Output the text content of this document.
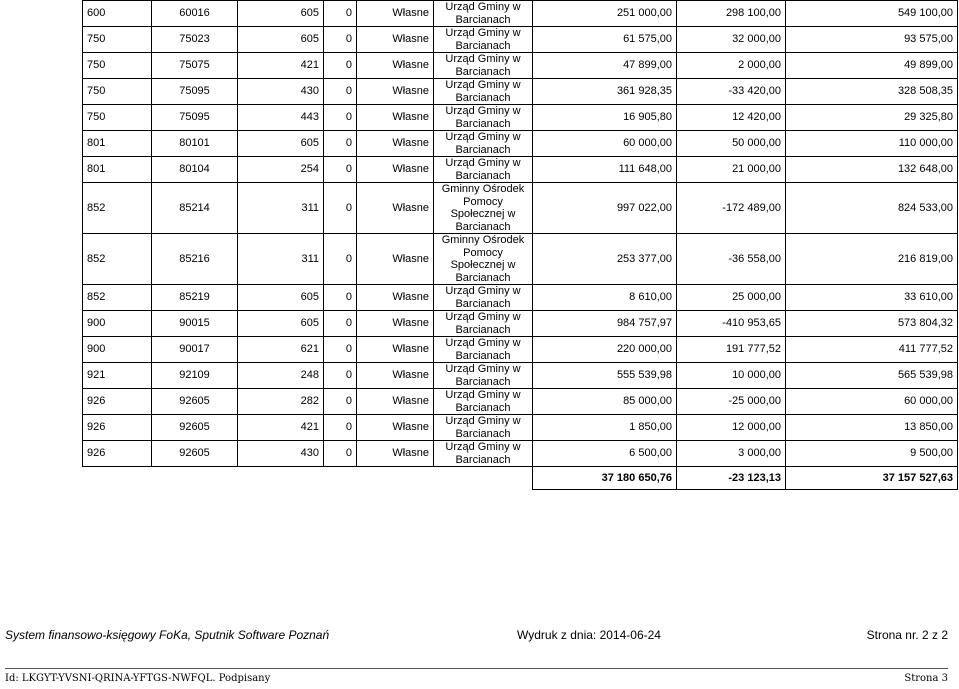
600	60016	605	0	Własne	Urząd Gminy w Barcianach	251 000,00	298 100,00	549 100,00
750	75023	605	0	Własne	Urząd Gminy w Barcianach	61 575,00	32 000,00	93 575,00
750	75075	421	0	Własne	Urząd Gminy w Barcianach	47 899,00	2 000,00	49 899,00
750	75095	430	0	Własne	Urząd Gminy w Barcianach	361 928,35	-33 420,00	328 508,35
750	75095	443	0	Własne	Urząd Gminy w Barcianach	16 905,80	12 420,00	29 325,80
801	80101	605	0	Własne	Urząd Gminy w Barcianach	60 000,00	50 000,00	110 000,00
801	80104	254	0	Własne	Urząd Gminy w Barcianach	111 648,00	21 000,00	132 648,00
852	85214	311	0	Własne	Gminny Ośrodek Pomocy Społecznej w Barcianach	997 022,00	-172 489,00	824 533,00
852	85216	311	0	Własne	Gminny Ośrodek Pomocy Społecznej w Barcianach	253 377,00	-36 558,00	216 819,00
852	85219	605	0	Własne	Urząd Gminy w Barcianach	8 610,00	25 000,00	33 610,00
900	90015	605	0	Własne	Urząd Gminy w Barcianach	984 757,97	-410 953,65	573 804,32
900	90017	621	0	Własne	Urząd Gminy w Barcianach	220 000,00	191 777,52	411 777,52
921	92109	248	0	Własne	Urząd Gminy w Barcianach	555 539,98	10 000,00	565 539,98
926	92605	282	0	Własne	Urząd Gminy w Barcianach	85 000,00	-25 000,00	60 000,00
926	92605	421	0	Własne	Urząd Gminy w Barcianach	1 850,00	12 000,00	13 850,00
926	92605	430	0	Własne	Urząd Gminy w Barcianach	6 500,00	3 000,00	9 500,00
						37 180 650,76	-23 123,13	37 157 527,63
System finansowo-księgowy FoKa, Sputnik Software Poznań	Wydruk z dnia: 2014-06-24	Strona nr. 2 z 2
Id: LKGYT-YVSNI-QRINA-YFTGS-NWFQL. Podpisany	Strona 3
